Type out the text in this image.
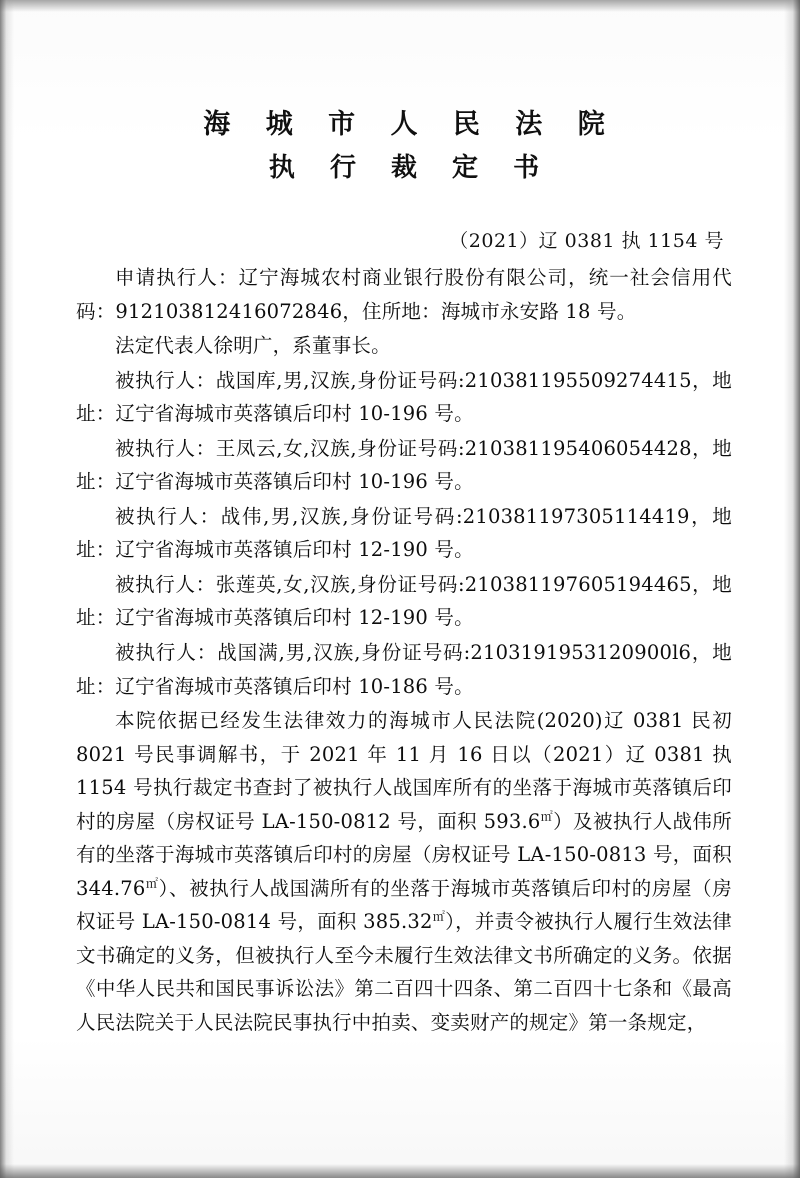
海 城 市 人 民 法 院
执 行 裁 定 书
（2021）辽 0381 执 1154 号

申请执行人：辽宁海城农村商业银行股份有限公司，统一社会信用代码：912103812416072846，住所地：海城市永安路 18 号。

法定代表人徐明广，系董事长。

被执行人：战国库,男,汉族,身份证号码:210381195509274415，地址：辽宁省海城市英落镇后印村 10-196 号。

被执行人：王凤云,女,汉族,身份证号码:210381195406054428，地址：辽宁省海城市英落镇后印村 10-196 号。

被执行人：战伟,男,汉族,身份证号码:210381197305114419，地址：辽宁省海城市英落镇后印村 12-190 号。

被执行人：张莲英,女,汉族,身份证号码:210381197605194465，地址：辽宁省海城市英落镇后印村 12-190 号。

被执行人：战国满,男,汉族,身份证号码:2103191953120900l6，地址：辽宁省海城市英落镇后印村 10-186 号。

本院依据已经发生法律效力的海城市人民法院(2020)辽 0381 民初 8021 号民事调解书，于 2021 年 11 月 16 日以（2021）辽 0381 执 1154 号执行裁定书查封了被执行人战国库所有的坐落于海城市英落镇后印村的房屋（房权证号 LA-150-0812 号，面积 593.6㎡）及被执行人战伟所有的坐落于海城市英落镇后印村的房屋（房权证号 LA-150-0813 号，面积 344.76㎡）、被执行人战国满所有的坐落于海城市英落镇后印村的房屋（房权证号 LA-150-0814 号，面积 385.32㎡），并责令被执行人履行生效法律文书确定的义务，但被执行人至今未履行生效法律文书所确定的义务。依据《中华人民共和国民事诉讼法》第二百四十四条、第二百四十七条和《最高人民法院关于人民法院民事执行中拍卖、变卖财产的规定》第一条规定，
